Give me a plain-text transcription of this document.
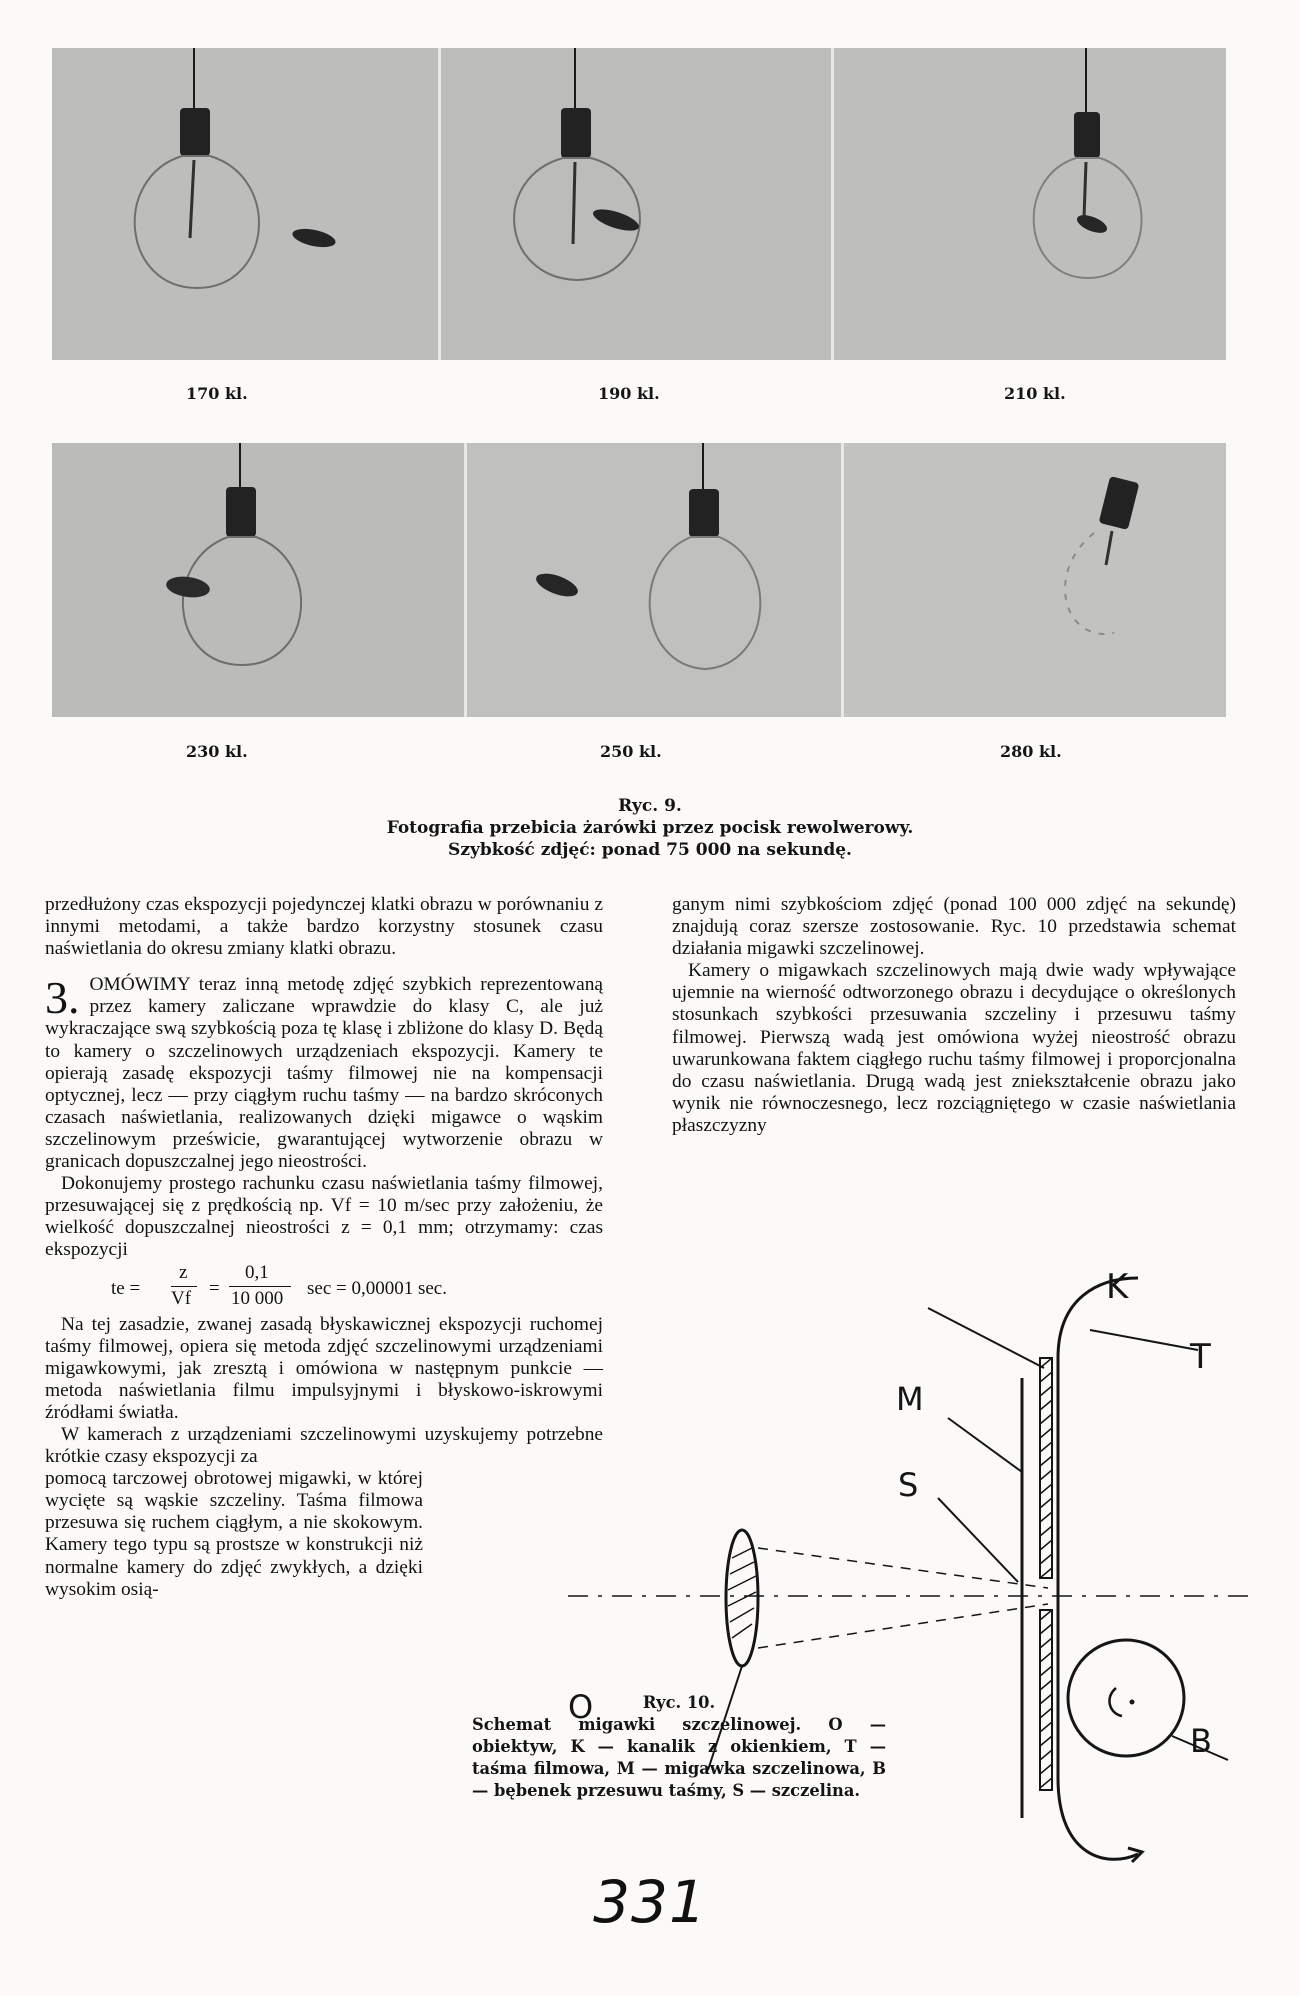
170 kl.	190 kl.	210 kl.
230 kl.	250 kl.	280 kl.
Ryc. 9.
Fotografia przebicia żarówki przez pocisk rewolwerowy.
Szybkość zdjęć: ponad 75 000 na sekundę.

przedłużony czas ekspozycji pojedynczej klatki obrazu w porównaniu z innymi metodami, a także bardzo korzystny stosunek czasu naświetlania do okresu zmiany klatki obrazu.

3. OMÓWIMY teraz inną metodę zdjęć szybkich reprezentowaną przez kamery zaliczane wprawdzie do klasy C, ale już wykraczające swą szybkością poza tę klasę i zbliżone do klasy D. Będą to kamery o szczelinowych urządzeniach ekspozycji. Kamery te opierają zasadę ekspozycji taśmy filmowej nie na kompensacji optycznej, lecz — przy ciągłym ruchu taśmy — na bardzo skróconych czasach naświetlania, realizowanych dzięki migawce o wąskim szczelinowym prześwicie, gwarantującej wytworzenie obrazu w granicach dopuszczalnej jego nieostrości.

Dokonujemy prostego rachunku czasu naświetlania taśmy filmowej, przesuwającej się z prędkością np. Vf = 10 m/sec przy założeniu, że wielkość dopuszczalnej nieostrości z = 0,1 mm; otrzymamy: czas ekspozycji

te =
z
Vf =
0,1
10 000 sec = 0,00001 sec.

Na tej zasadzie, zwanej zasadą błyskawicznej ekspozycji ruchomej taśmy filmowej, opiera się metoda zdjęć szczelinowymi urządzeniami migawkowymi, jak zresztą i omówiona w następnym punkcie — metoda naświetlania filmu impulsyjnymi i błyskowo-iskrowymi źródłami światła.

W kamerach z urządzeniami szczelinowymi uzyskujemy potrzebne krótkie czasy ekspozycji za

pomocą tarczowej obrotowej migawki, w której wycięte są wąskie szczeliny. Taśma filmowa przesuwa się ruchem ciągłym, a nie skokowym. Kamery tego typu są prostsze w konstrukcji niż normalne kamery do zdjęć zwykłych, a dzięki wysokim osią-

ganym nimi szybkościom zdjęć (ponad 100 000 zdjęć na sekundę) znajdują coraz szersze zostosowanie. Ryc. 10 przedstawia schemat działania migawki szczelinowej.

Kamery o migawkach szczelinowych mają dwie wady wpływające ujemnie na wierność odtworzonego obrazu i decydujące o określonych stosunkach szybkości przesuwania szczeliny i przesuwu taśmy filmowej. Pierwszą wadą jest omówiona wyżej nieostrość obrazu uwarunkowana faktem ciągłego ruchu taśmy filmowej i proporcjonalna do czasu naświetlania. Drugą wadą jest zniekształcenie obrazu jako wynik nie równoczesnego, lecz rozciągniętego w czasie naświetlania płaszczyzny

K
T
M
S
O
B
Ryc. 10.
Schemat migawki szczelinowej. O — obiektyw, K — kanalik z okienkiem, T — taśma filmowa, M — migawka szczelinowa, B — bębenek przesuwu taśmy, S — szczelina.
331
